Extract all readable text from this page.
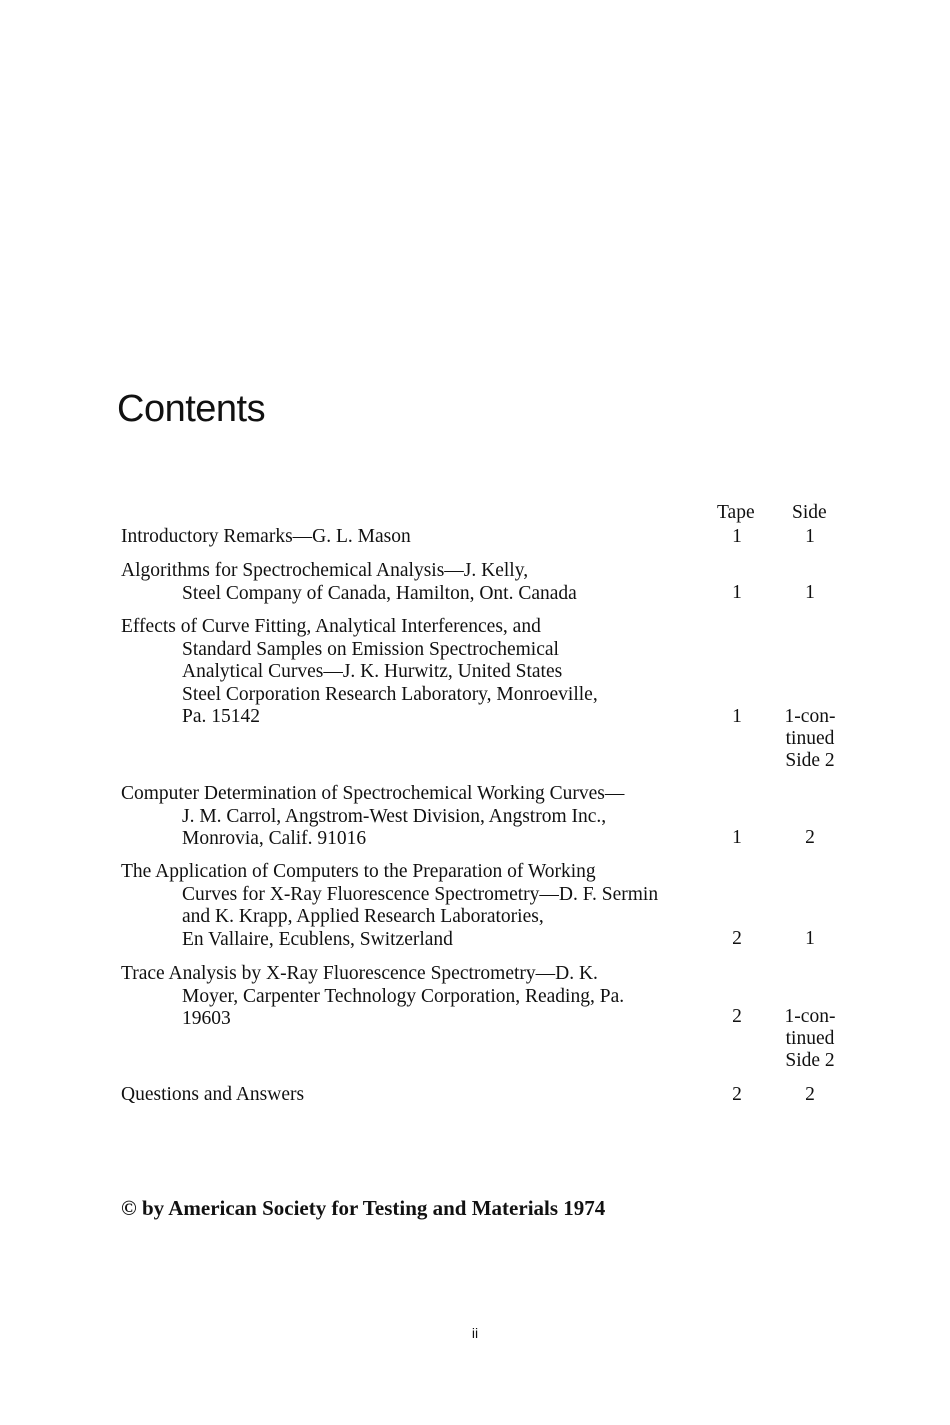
Contents
Tape Side
Introductory Remarks—G. L. Mason	1	1
Algorithms for Spectrochemical Analysis—J. Kelly,
Steel Company of Canada, Hamilton, Ont. Canada	1	1
Effects of Curve Fitting, Analytical Interferences, and
Standard Samples on Emission Spectrochemical
Analytical Curves—J. K. Hurwitz, United States
Steel Corporation Research Laboratory, Monroeville,
Pa. 15142	1	1-con-
tinued
Side 2
Computer Determination of Spectrochemical Working Curves—
J. M. Carrol, Angstrom-West Division, Angstrom Inc.,
Monrovia, Calif. 91016	1	2
The Application of Computers to the Preparation of Working
Curves for X-Ray Fluorescence Spectrometry—D. F. Sermin
and K. Krapp, Applied Research Laboratories,
En Vallaire, Ecublens, Switzerland	2	1
Trace Analysis by X-Ray Fluorescence Spectrometry—D. K.
Moyer, Carpenter Technology Corporation, Reading, Pa.
19603	2	1-con-
tinued
Side 2
Questions and Answers	2	2
© by American Society for Testing and Materials 1974
ii
